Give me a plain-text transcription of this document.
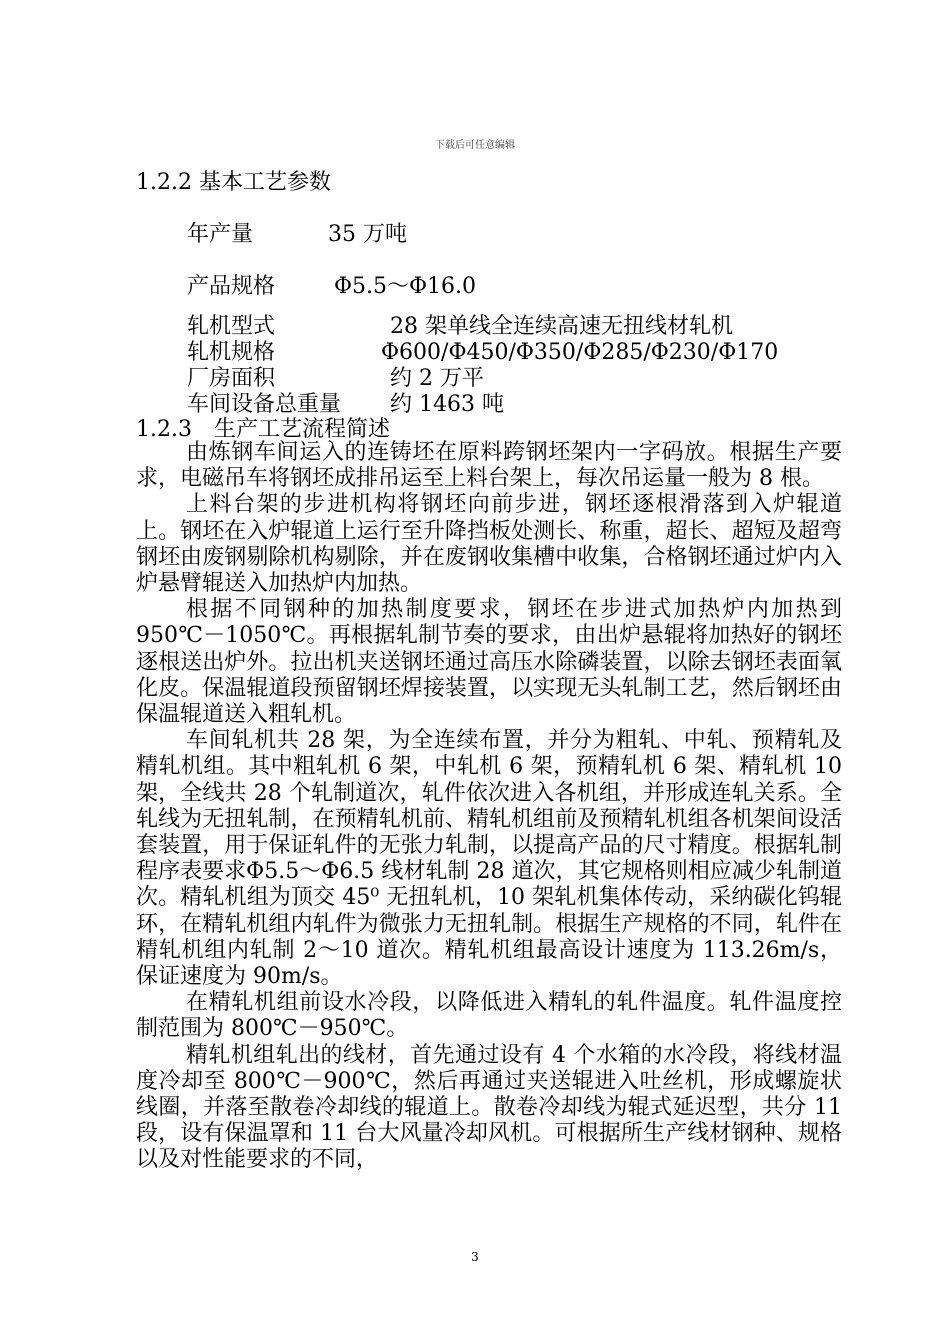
下载后可任意编辑
1.2.2 基本工艺参数
年产量	35 万吨
产品规格	Φ5.5～Φ16.0
轧机型式	28 架单线全连续高速无扭线材轧机
轧机规格	Φ600/Φ450/Φ350/Φ285/Φ230/Φ170
厂房面积	约 2 万平
车间设备总重量 约 1463 吨
1.2.3　生产工艺流程简述

由炼钢车间运入的连铸坯在原料跨钢坯架内一字码放。根据生产要求，电磁吊车将钢坯成排吊运至上料台架上，每次吊运量一般为 8 根。

上料台架的步进机构将钢坯向前步进，钢坯逐根滑落到入炉辊道上。钢坯在入炉辊道上运行至升降挡板处测长、称重，超长、超短及超弯钢坯由废钢剔除机构剔除，并在废钢收集槽中收集，合格钢坯通过炉内入炉悬臂辊送入加热炉内加热。

根据不同钢种的加热制度要求，钢坯在步进式加热炉内加热到 950℃－1050℃。再根据轧制节奏的要求，由出炉悬辊将加热好的钢坯逐根送出炉外。拉出机夹送钢坯通过高压水除磷装置，以除去钢坯表面氧化皮。保温辊道段预留钢坯焊接装置，以实现无头轧制工艺，然后钢坯由保温辊道送入粗轧机。

车间轧机共 28 架，为全连续布置，并分为粗轧、中轧、预精轧及精轧机组。其中粗轧机 6 架，中轧机 6 架，预精轧机 6 架、精轧机 10 架，全线共 28 个轧制道次，轧件依次进入各机组，并形成连轧关系。全轧线为无扭轧制，在预精轧机前、精轧机组前及预精轧机组各机架间设活套装置，用于保证轧件的无张力轧制，以提高产品的尺寸精度。根据轧制程序表要求Φ5.5～Φ6.5 线材轧制 28 道次，其它规格则相应减少轧制道次。精轧机组为顶交 45⁰ 无扭轧机，10 架轧机集体传动，采纳碳化钨辊环，在精轧机组内轧件为微张力无扭轧制。根据生产规格的不同，轧件在精轧机组内轧制 2～10 道次。精轧机组最高设计速度为 113.26m/s，保证速度为 90m/s。

在精轧机组前设水冷段，以降低进入精轧的轧件温度。轧件温度控制范围为 800℃－950℃。

精轧机组轧出的线材，首先通过设有 4 个水箱的水冷段，将线材温度冷却至 800℃－900℃，然后再通过夹送辊进入吐丝机，形成螺旋状线圈，并落至散卷冷却线的辊道上。散卷冷却线为辊式延迟型，共分 11 段，设有保温罩和 11 台大风量冷却风机。可根据所生产线材钢种、规格以及对性能要求的不同，

3
